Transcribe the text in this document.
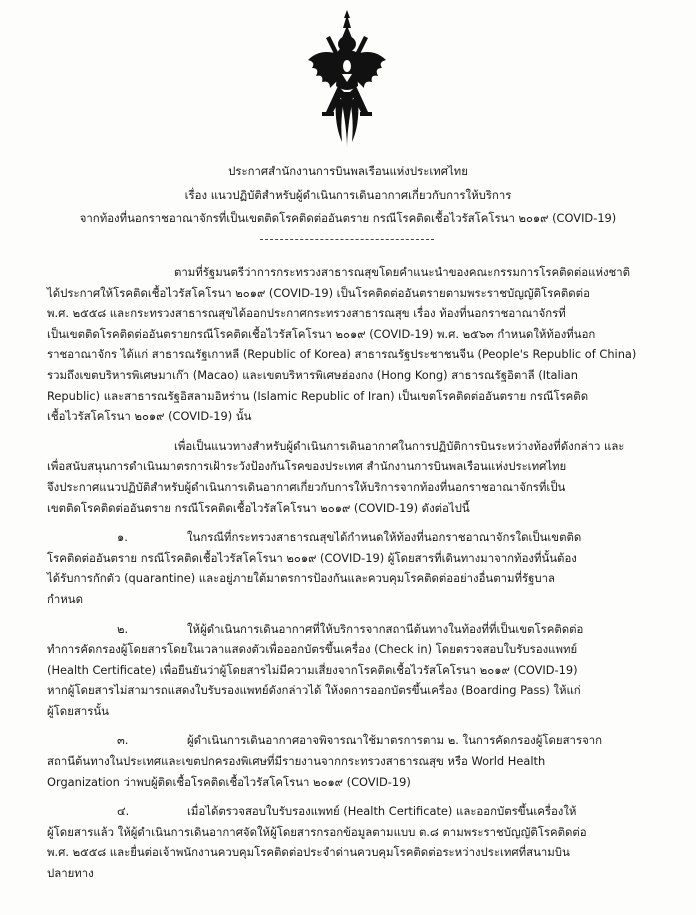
ประกาศสำนักงานการบินพลเรือนแห่งประเทศไทย
เรื่อง แนวปฏิบัติสำหรับผู้ดำเนินการเดินอากาศเกี่ยวกับการให้บริการ
จากท้องที่นอกราชอาณาจักรที่เป็นเขตติดโรคติดต่ออันตราย กรณีโรคติดเชื้อไวรัสโคโรนา ๒๐๑๙ (COVID-19)
ตามที่รัฐมนตรีว่าการกระทรวงสาธารณสุขโดยคำแนะนำของคณะกรรมการโรคติดต่อแห่งชาติ
ได้ประกาศให้โรคติดเชื้อไวรัสโคโรนา ๒๐๑๙ (COVID-19) เป็นโรคติดต่ออันตรายตามพระราชบัญญัติโรคติดต่อ
พ.ศ. ๒๕๕๘ และกระทรวงสาธารณสุขได้ออกประกาศกระทรวงสาธารณสุข เรื่อง ท้องที่นอกราชอาณาจักรที่
เป็นเขตติดโรคติดต่ออันตรายกรณีโรคติดเชื้อไวรัสโคโรนา ๒๐๑๙ (COVID-19) พ.ศ. ๒๕๖๓ กำหนดให้ท้องที่นอก
ราชอาณาจักร ได้แก่ สาธารณรัฐเกาหลี (Republic of Korea) สาธารณรัฐประชาชนจีน (People's Republic of China)
รวมถึงเขตบริหารพิเศษมาเก๊า (Macao) และเขตบริหารพิเศษฮ่องกง (Hong Kong) สาธารณรัฐอิตาลี (Italian
Republic) และสาธารณรัฐอิสลามอิหร่าน (Islamic Republic of Iran) เป็นเขตโรคติดต่ออันตราย กรณีโรคติด
เชื้อไวรัสโคโรนา ๒๐๑๙ (COVID-19) นั้น
เพื่อเป็นแนวทางสำหรับผู้ดำเนินการเดินอากาศในการปฏิบัติการบินระหว่างท้องที่ดังกล่าว และ
เพื่อสนับสนุนการดำเนินมาตรการเฝ้าระวังป้องกันโรคของประเทศ สำนักงานการบินพลเรือนแห่งประเทศไทย
จึงประกาศแนวปฏิบัติสำหรับผู้ดำเนินการเดินอากาศเกี่ยวกับการให้บริการจากท้องที่นอกราชอาณาจักรที่เป็น
เขตติดโรคติดต่ออันตราย กรณีโรคติดเชื้อไวรัสโคโรนา ๒๐๑๙ (COVID-19) ดังต่อไปนี้
๑.	ในกรณีที่กระทรวงสาธารณสุขได้กำหนดให้ท้องที่นอกราชอาณาจักรใดเป็นเขตติด
โรคติดต่ออันตราย กรณีโรคติดเชื้อไวรัสโคโรนา ๒๐๑๙ (COVID-19) ผู้โดยสารที่เดินทางมาจากท้องที่นั้นต้อง
ได้รับการกักตัว (quarantine) และอยู่ภายใต้มาตรการป้องกันและควบคุมโรคติดต่ออย่างอื่นตามที่รัฐบาล
กำหนด
๒.	ให้ผู้ดำเนินการเดินอากาศที่ให้บริการจากสถานีต้นทางในท้องที่ที่เป็นเขตโรคติดต่อ
ทำการคัดกรองผู้โดยสารโดยในเวลาแสดงตัวเพื่อออกบัตรขึ้นเครื่อง (Check in) โดยตรวจสอบใบรับรองแพทย์
(Health Certificate) เพื่อยืนยันว่าผู้โดยสารไม่มีความเสี่ยงจากโรคติดเชื้อไวรัสโคโรนา ๒๐๑๙ (COVID-19)
หากผู้โดยสารไม่สามารถแสดงใบรับรองแพทย์ดังกล่าวได้ ให้งดการออกบัตรขึ้นเครื่อง (Boarding Pass) ให้แก่
ผู้โดยสารนั้น
๓.	ผู้ดำเนินการเดินอากาศอาจพิจารณาใช้มาตรการตาม ๒. ในการคัดกรองผู้โดยสารจาก
สถานีต้นทางในประเทศและเขตปกครองพิเศษที่มีรายงานจากกระทรวงสาธารณสุข หรือ World Health
Organization ว่าพบผู้ติดเชื้อโรคติดเชื้อไวรัสโคโรนา ๒๐๑๙ (COVID-19)
๔.	เมื่อได้ตรวจสอบใบรับรองแพทย์ (Health Certificate) และออกบัตรขึ้นเครื่องให้
ผู้โดยสารแล้ว ให้ผู้ดำเนินการเดินอากาศจัดให้ผู้โดยสารกรอกข้อมูลตามแบบ ต.๘ ตามพระราชบัญญัติโรคติดต่อ
พ.ศ. ๒๕๕๘ และยื่นต่อเจ้าพนักงานควบคุมโรคติดต่อประจำด่านควบคุมโรคติดต่อระหว่างประเทศที่สนามบิน
ปลายทาง
